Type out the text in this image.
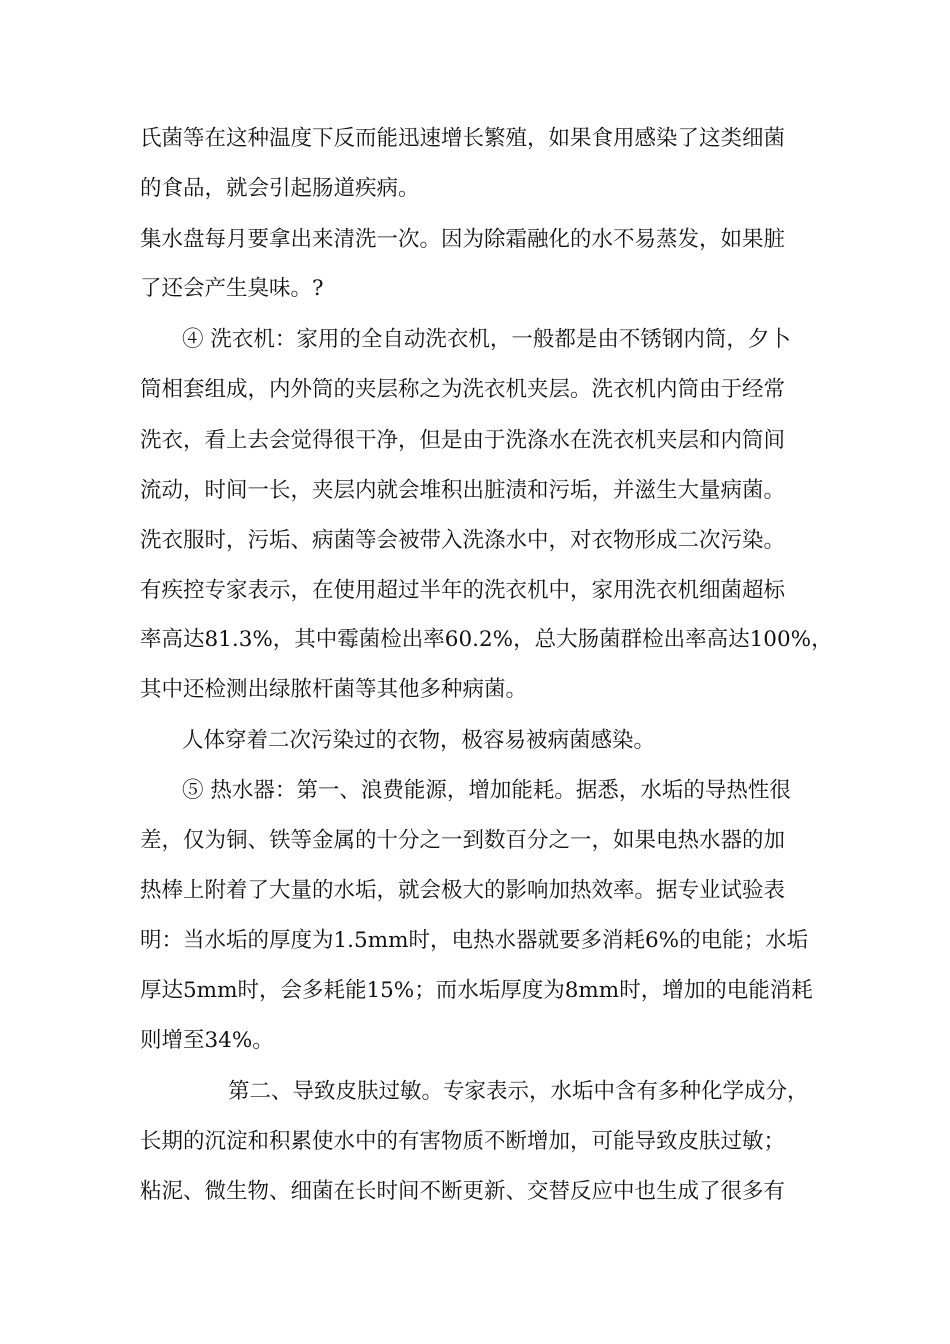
氏菌等在这种温度下反而能迅速增长繁殖，如果食用感染了这类细菌
的食品，就会引起肠道疾病。
集水盘每月要拿出来清洗一次。因为除霜融化的水不易蒸发，如果脏
了还会产生臭味。?
④ 洗衣机：家用的全自动洗衣机，一般都是由不锈钢内筒，夕卜
筒相套组成，内外筒的夹层称之为洗衣机夹层。洗衣机内筒由于经常
洗衣，看上去会觉得很干净，但是由于洗涤水在洗衣机夹层和内筒间
流动，时间一长，夹层内就会堆积出脏渍和污垢，并滋生大量病菌。
洗衣服时，污垢、病菌等会被带入洗涤水中，对衣物形成二次污染。
有疾控专家表示，在使用超过半年的洗衣机中，家用洗衣机细菌超标
率高达81.3%，其中霉菌检出率60.2%，总大肠菌群检出率高达100%，
其中还检测出绿脓杆菌等其他多种病菌。
人体穿着二次污染过的衣物，极容易被病菌感染。
⑤ 热水器：第一、浪费能源，增加能耗。据悉，水垢的导热性很
差，仅为铜、铁等金属的十分之一到数百分之一，如果电热水器的加
热棒上附着了大量的水垢，就会极大的影响加热效率。据专业试验表
明：当水垢的厚度为1.5mm时，电热水器就要多消耗6%的电能；水垢
厚达5mm时，会多耗能15%；而水垢厚度为8mm时，增加的电能消耗
则增至34%。
第二、导致皮肤过敏。专家表示，水垢中含有多种化学成分，
长期的沉淀和积累使水中的有害物质不断增加，可能导致皮肤过敏；
粘泥、微生物、细菌在长时间不断更新、交替反应中也生成了很多有
